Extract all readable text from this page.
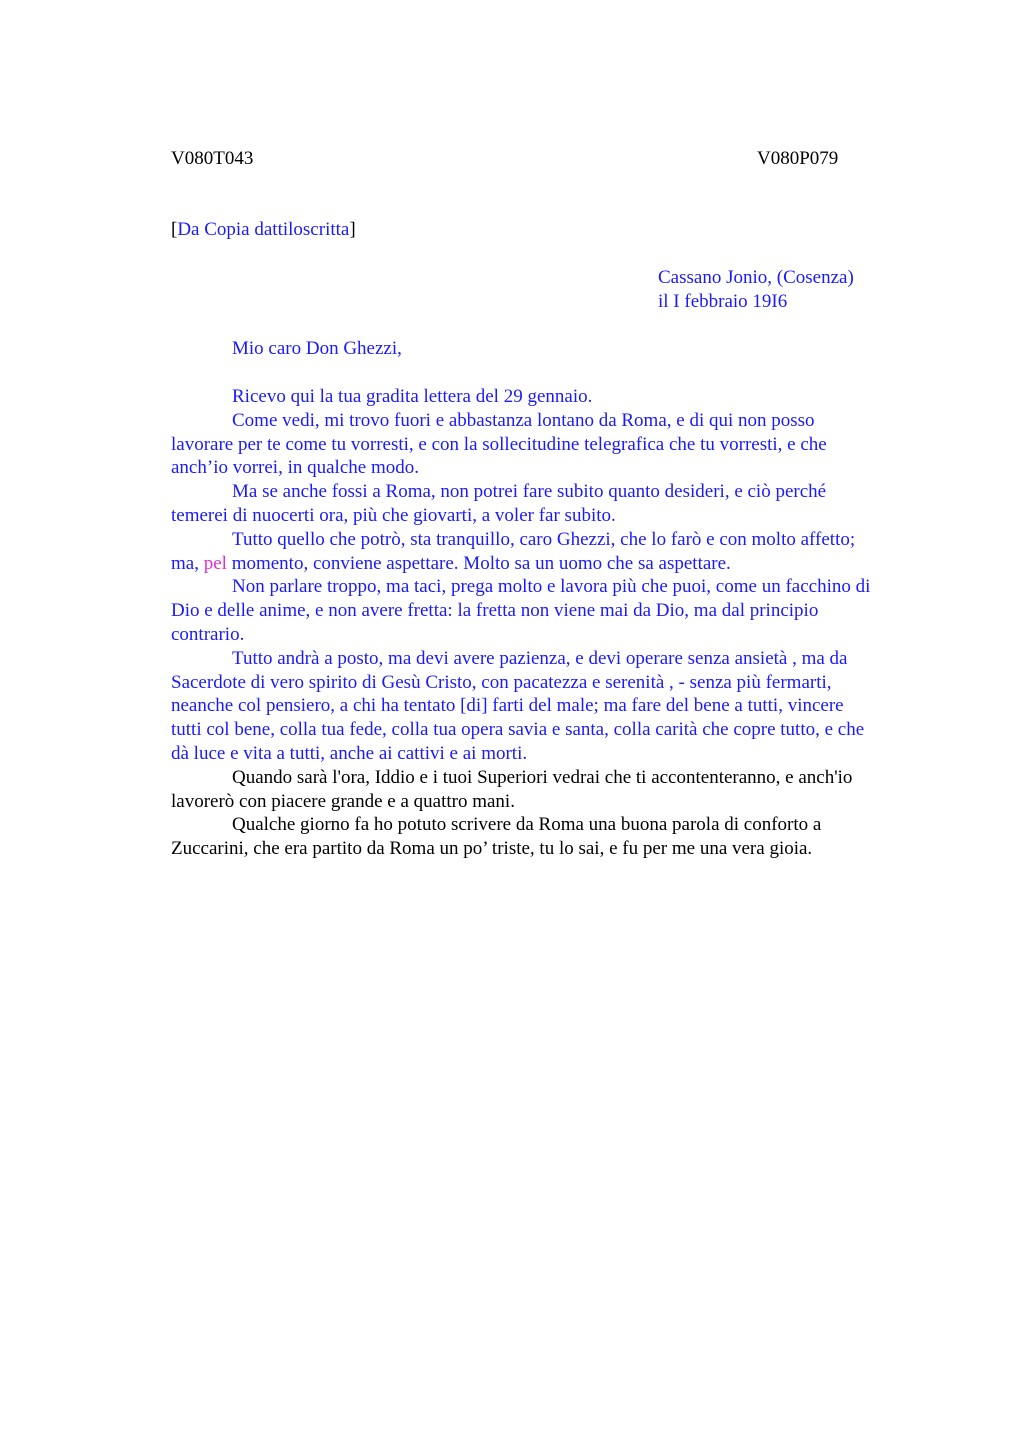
V080T043	V080P079
[Da Copia dattiloscritta]
Cassano Jonio, (Cosenza)
il I febbraio 19I6
Mio caro Don Ghezzi,
Ricevo qui la tua gradita lettera del 29 gennaio.
Come vedi, mi trovo fuori e abbastanza lontano da Roma, e di qui non posso
lavorare per te come tu vorresti, e con la sollecitudine telegrafica che tu vorresti, e che
anch’io vorrei, in qualche modo.
Ma se anche fossi a Roma, non potrei fare subito quanto desideri, e ciò perché
temerei di nuocerti ora, più che giovarti, a voler far subito.
Tutto quello che potrò, sta tranquillo, caro Ghezzi, che lo farò e con molto affetto;
ma, pel momento, conviene aspettare. Molto sa un uomo che sa aspettare.
Non parlare troppo, ma taci, prega molto e lavora più che puoi, come un facchino di
Dio e delle anime, e non avere fretta: la fretta non viene mai da Dio, ma dal principio
contrario.
Tutto andrà a posto, ma devi avere pazienza, e devi operare senza ansietà , ma da
Sacerdote di vero spirito di Gesù Cristo, con pacatezza e serenità , - senza più fermarti,
neanche col pensiero, a chi ha tentato [di] farti del male; ma fare del bene a tutti, vincere
tutti col bene, colla tua fede, colla tua opera savia e santa, colla carità che copre tutto, e che
dà luce e vita a tutti, anche ai cattivi e ai morti.
Quando sarà l'ora, Iddio e i tuoi Superiori vedrai che ti accontenteranno, e anch'io
lavorerò con piacere grande e a quattro mani.
Qualche giorno fa ho potuto scrivere da Roma una buona parola di conforto a
Zuccarini, che era partito da Roma un po’ triste, tu lo sai, e fu per me una vera gioia.
